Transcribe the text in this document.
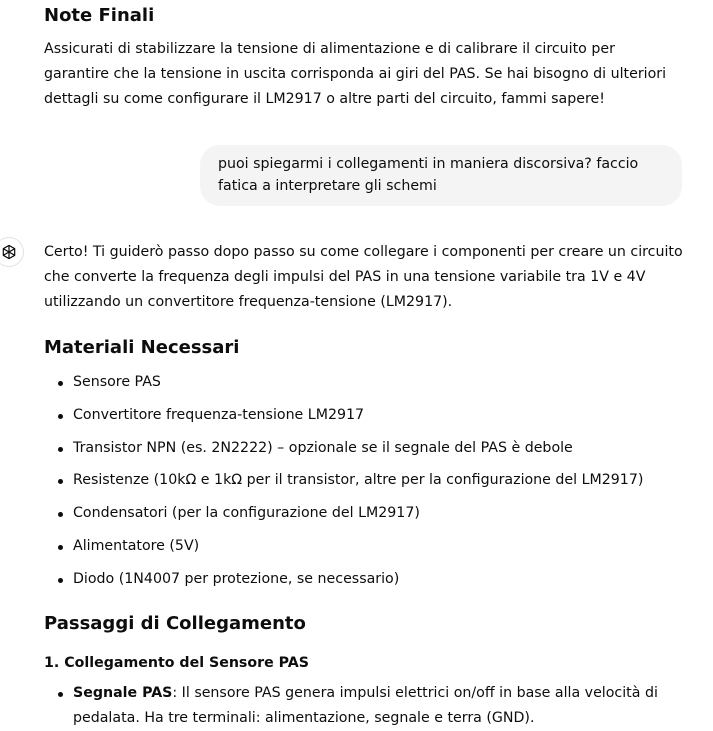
Note Finali

Assicurati di stabilizzare la tensione di alimentazione e di calibrare il circuito per garantire che la tensione in uscita corrisponda ai giri del PAS. Se hai bisogno di ulteriori dettagli su come configurare il LM2917 o altre parti del circuito, fammi sapere!

puoi spiegarmi i collegamenti in maniera discorsiva? faccio fatica a interpretare gli schemi

Certo! Ti guiderò passo dopo passo su come collegare i componenti per creare un circuito che converte la frequenza degli impulsi del PAS in una tensione variabile tra 1V e 4V utilizzando un convertitore frequenza-tensione (LM2917).

Materiali Necessari
Sensore PAS
Convertitore frequenza-tensione LM2917
Transistor NPN (es. 2N2222) – opzionale se il segnale del PAS è debole
Resistenze (10kΩ e 1kΩ per il transistor, altre per la configurazione del LM2917)
Condensatori (per la configurazione del LM2917)
Alimentatore (5V)
Diodo (1N4007 per protezione, se necessario)
Passaggi di Collegamento
1. Collegamento del Sensore PAS
Segnale PAS: Il sensore PAS genera impulsi elettrici on/off in base alla velocità di pedalata. Ha tre terminali: alimentazione, segnale e terra (GND).
